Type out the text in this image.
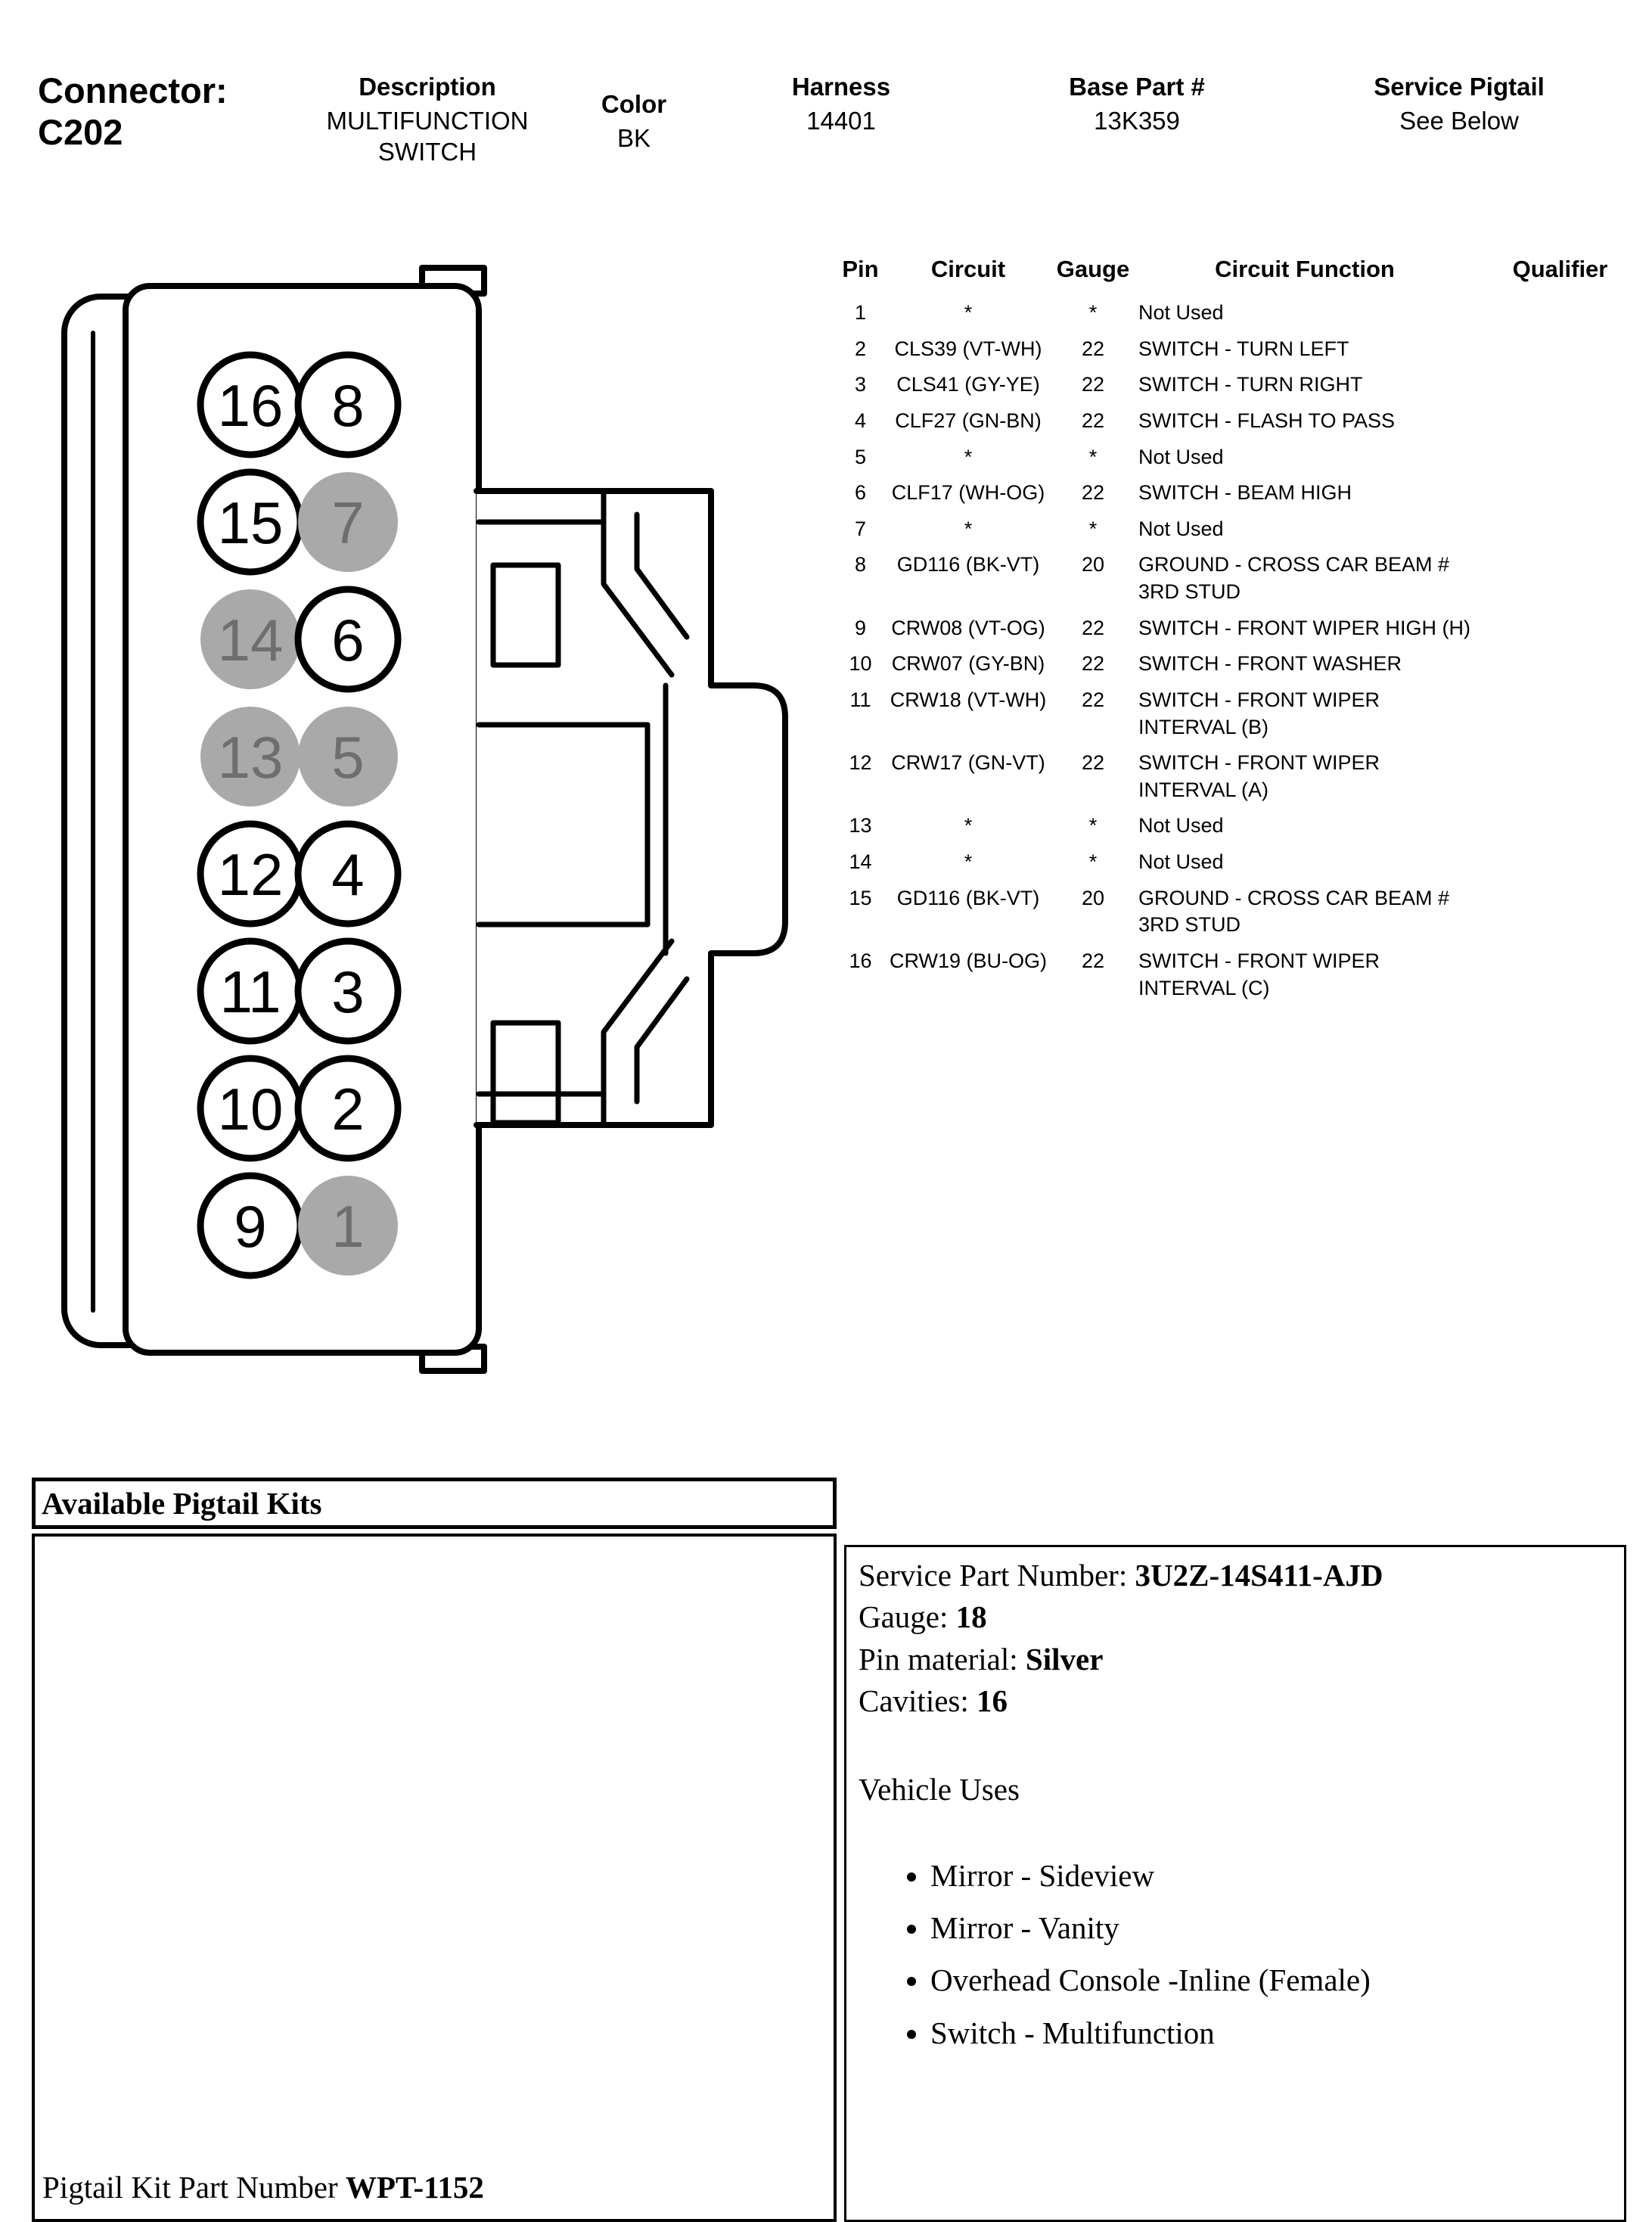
Connector:
C202
Description
MULTIFUNCTION SWITCH
Color
BK
Harness
14401
Base Part #
13K359
Service Pigtail
See Below
16 8
15 7
14 6
13 5
12 4
11 3
10 2
9 1
Pin	Circuit	Gauge	Circuit Function	Qualifier
1	*	*	Not Used	
2	CLS39 (VT-WH)	22	SWITCH - TURN LEFT	
3	CLS41 (GY-YE)	22	SWITCH - TURN RIGHT	
4	CLF27 (GN-BN)	22	SWITCH - FLASH TO PASS	
5	*	*	Not Used	
6	CLF17 (WH-OG)	22	SWITCH - BEAM HIGH	
7	*	*	Not Used	
8	GD116 (BK-VT)	20	GROUND - CROSS CAR BEAM # 3RD STUD	
9	CRW08 (VT-OG)	22	SWITCH - FRONT WIPER HIGH (H)	
10	CRW07 (GY-BN)	22	SWITCH - FRONT WASHER	
11	CRW18 (VT-WH)	22	SWITCH - FRONT WIPER INTERVAL (B)	
12	CRW17 (GN-VT)	22	SWITCH - FRONT WIPER INTERVAL (A)	
13	*	*	Not Used	
14	*	*	Not Used	
15	GD116 (BK-VT)	20	GROUND - CROSS CAR BEAM # 3RD STUD	
16	CRW19 (BU-OG)	22	SWITCH - FRONT WIPER INTERVAL (C)	
Available Pigtail Kits
Pigtail Kit Part Number WPT-1152
Service Part Number: 3U2Z-14S411-AJD
Gauge: 18
Pin material: Silver
Cavities: 16
Vehicle Uses
• Mirror - Sideview
• Mirror - Vanity
• Overhead Console -Inline (Female)
• Switch - Multifunction
